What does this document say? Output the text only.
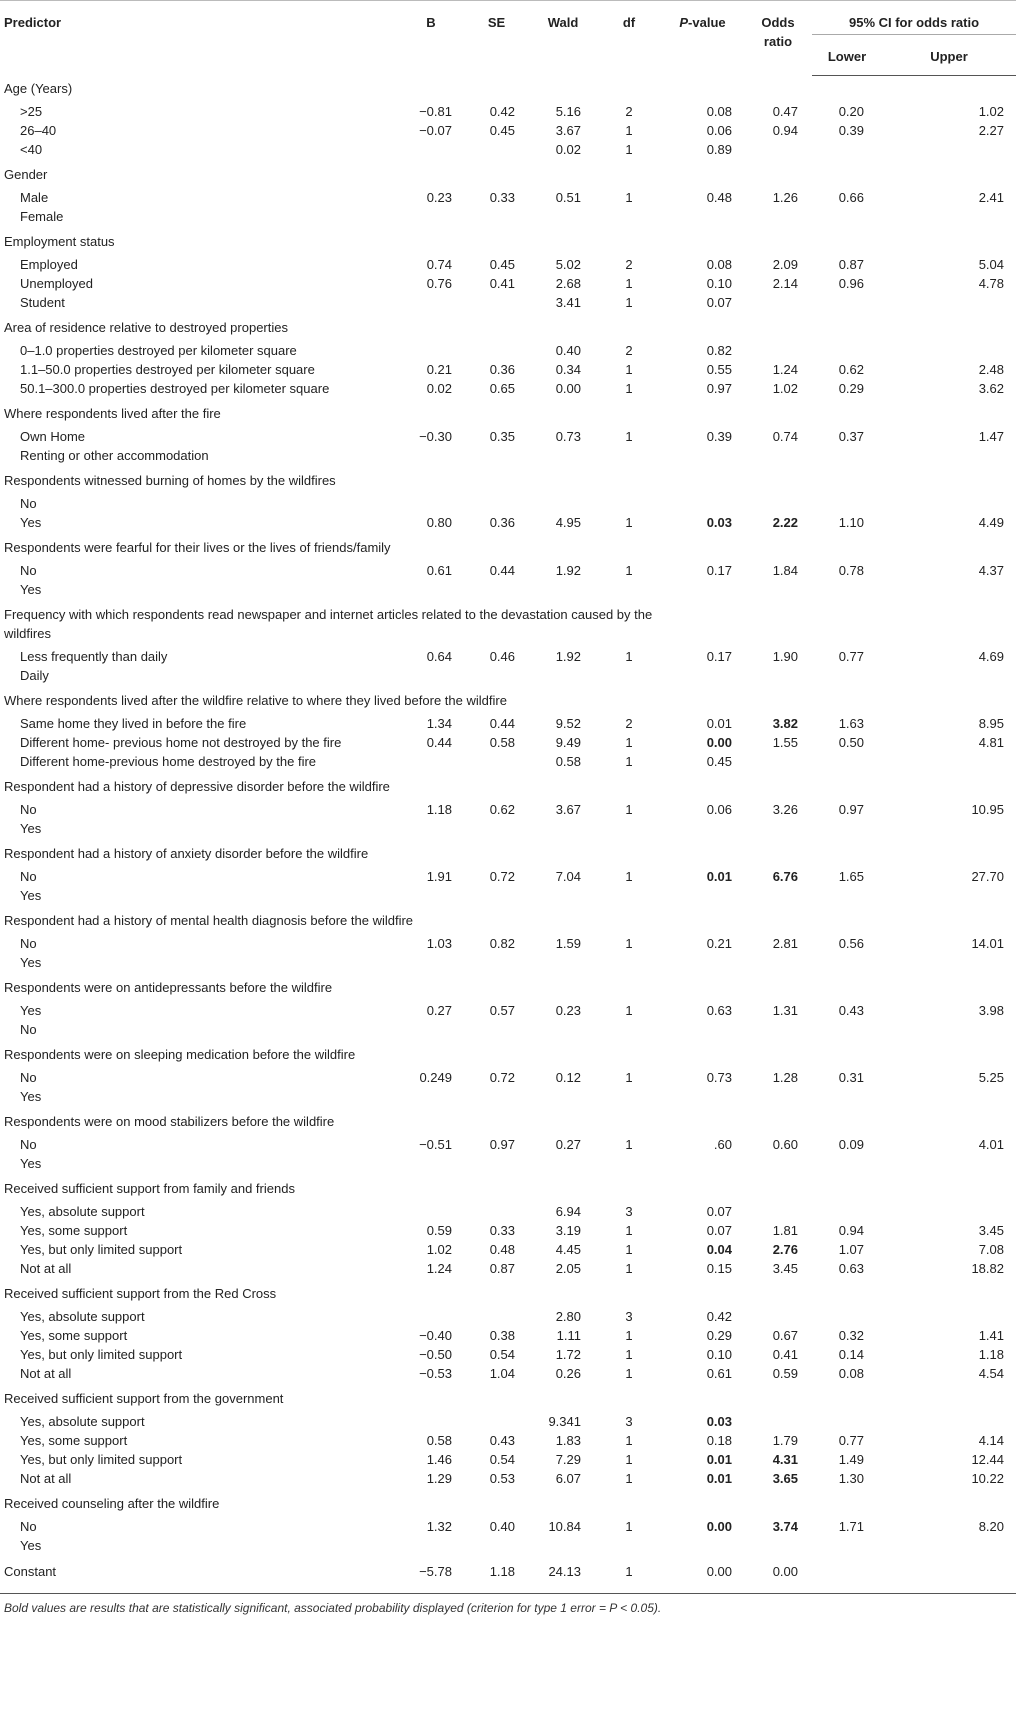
Predictor	B	SE	Wald	df	P-value	Odds ratio	95% CI for odds ratio	
							Lower	Upper
Age (Years)								
>25	−0.81	0.42	5.16	2	0.08	0.47	0.20	1.02
26–40	−0.07	0.45	3.67	1	0.06	0.94	0.39	2.27
<40			0.02	1	0.89			
Gender								
Male	0.23	0.33	0.51	1	0.48	1.26	0.66	2.41
Female								
Employment status								
Employed	0.74	0.45	5.02	2	0.08	2.09	0.87	5.04
Unemployed	0.76	0.41	2.68	1	0.10	2.14	0.96	4.78
Student			3.41	1	0.07			
Area of residence relative to destroyed properties								
0–1.0 properties destroyed per kilometer square			0.40	2	0.82			
1.1–50.0 properties destroyed per kilometer square	0.21	0.36	0.34	1	0.55	1.24	0.62	2.48
50.1–300.0 properties destroyed per kilometer square	0.02	0.65	0.00	1	0.97	1.02	0.29	3.62
Where respondents lived after the fire								
Own Home	−0.30	0.35	0.73	1	0.39	0.74	0.37	1.47
Renting or other accommodation								
Respondents witnessed burning of homes by the wildfires								
No								
Yes	0.80	0.36	4.95	1	0.03	2.22	1.10	4.49
Respondents were fearful for their lives or the lives of friends/family								
No	0.61	0.44	1.92	1	0.17	1.84	0.78	4.37
Yes								
Frequency with which respondents read newspaper and internet articles related to the devastation caused by the wildfires								
Less frequently than daily	0.64	0.46	1.92	1	0.17	1.90	0.77	4.69
Daily								
Where respondents lived after the wildfire relative to where they lived before the wildfire								
Same home they lived in before the fire	1.34	0.44	9.52	2	0.01	3.82	1.63	8.95
Different home- previous home not destroyed by the fire	0.44	0.58	9.49	1	0.00	1.55	0.50	4.81
Different home-previous home destroyed by the fire			0.58	1	0.45			
Respondent had a history of depressive disorder before the wildfire								
No	1.18	0.62	3.67	1	0.06	3.26	0.97	10.95
Yes								
Respondent had a history of anxiety disorder before the wildfire								
No	1.91	0.72	7.04	1	0.01	6.76	1.65	27.70
Yes								
Respondent had a history of mental health diagnosis before the wildfire								
No	1.03	0.82	1.59	1	0.21	2.81	0.56	14.01
Yes								
Respondents were on antidepressants before the wildfire								
Yes	0.27	0.57	0.23	1	0.63	1.31	0.43	3.98
No								
Respondents were on sleeping medication before the wildfire								
No	0.249	0.72	0.12	1	0.73	1.28	0.31	5.25
Yes								
Respondents were on mood stabilizers before the wildfire								
No	−0.51	0.97	0.27	1	.60	0.60	0.09	4.01
Yes								
Received sufficient support from family and friends								
Yes, absolute support			6.94	3	0.07			
Yes, some support	0.59	0.33	3.19	1	0.07	1.81	0.94	3.45
Yes, but only limited support	1.02	0.48	4.45	1	0.04	2.76	1.07	7.08
Not at all	1.24	0.87	2.05	1	0.15	3.45	0.63	18.82
Received sufficient support from the Red Cross								
Yes, absolute support			2.80	3	0.42			
Yes, some support	−0.40	0.38	1.11	1	0.29	0.67	0.32	1.41
Yes, but only limited support	−0.50	0.54	1.72	1	0.10	0.41	0.14	1.18
Not at all	−0.53	1.04	0.26	1	0.61	0.59	0.08	4.54
Received sufficient support from the government								
Yes, absolute support			9.341	3	0.03			
Yes, some support	0.58	0.43	1.83	1	0.18	1.79	0.77	4.14
Yes, but only limited support	1.46	0.54	7.29	1	0.01	4.31	1.49	12.44
Not at all	1.29	0.53	6.07	1	0.01	3.65	1.30	10.22
Received counseling after the wildfire								
No	1.32	0.40	10.84	1	0.00	3.74	1.71	8.20
Yes								
Constant	−5.78	1.18	24.13	1	0.00	0.00		
Bold values are results that are statistically significant, associated probability displayed (criterion for type 1 error = P < 0.05).
